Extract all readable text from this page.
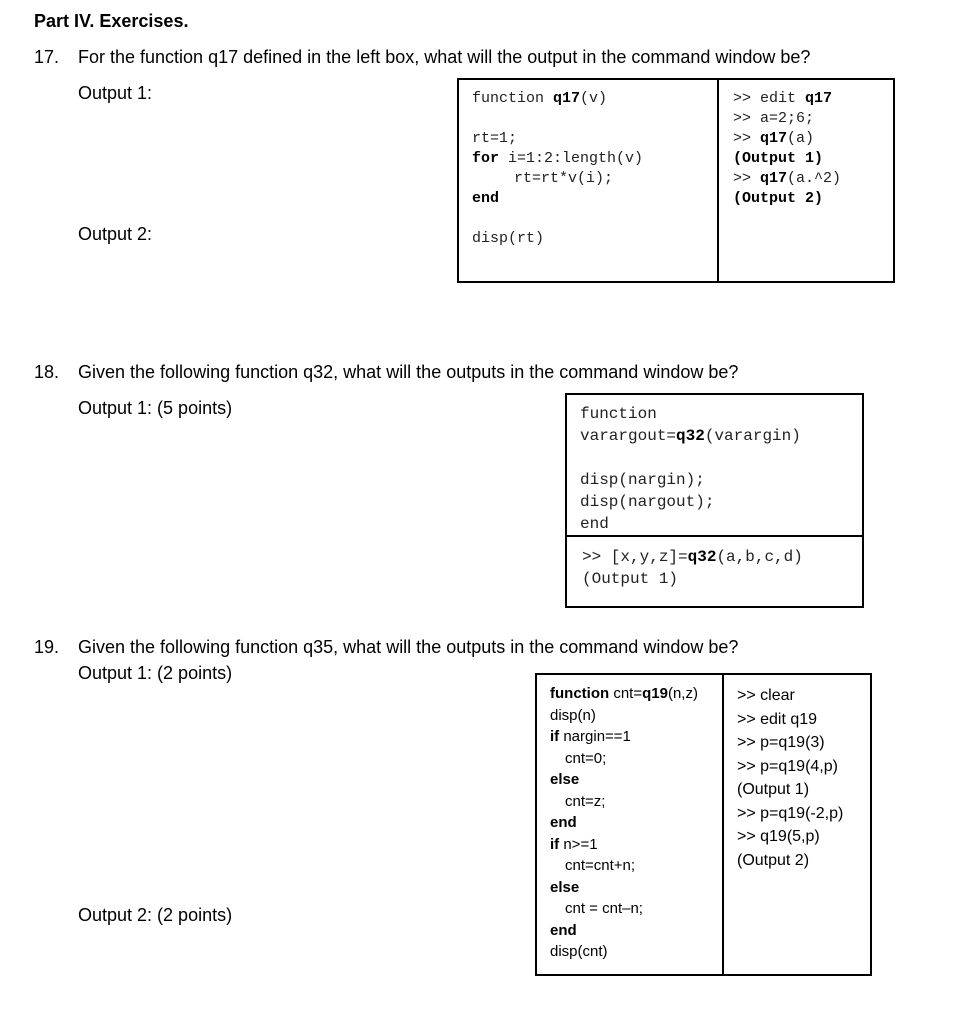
Part IV. Exercises.
17. For the function q17 defined in the left box, what will the output in the command window be?
Output 1:
Output 2:
function q17(v)

rt=1;
for i=1:2:length(v)
rt=rt*v(i);
end

disp(rt)
>> edit q17
>> a=2;6;
>> q17(a)
(Output 1)
>> q17(a.^2)
(Output 2)
18. Given the following function q32, what will the outputs in the command window be?
Output 1: (5 points)	function
varargout=q32(varargin)

disp(nargin);
disp(nargout);
end
>> [x,y,z]=q32(a,b,c,d)
(Output 1)
19. Given the following function q35, what will the outputs in the command window be?
Output 1: (2 points)
Output 2: (2 points)
function cnt=q19(n,z)
disp(n)
if nargin==1
cnt=0;
else
cnt=z;
end
if n>=1
cnt=cnt+n;
else
cnt = cnt–n;
end
disp(cnt)
>> clear
>> edit q19
>> p=q19(3)
>> p=q19(4,p)
(Output 1)
>> p=q19(-2,p)
>> q19(5,p)
(Output 2)
